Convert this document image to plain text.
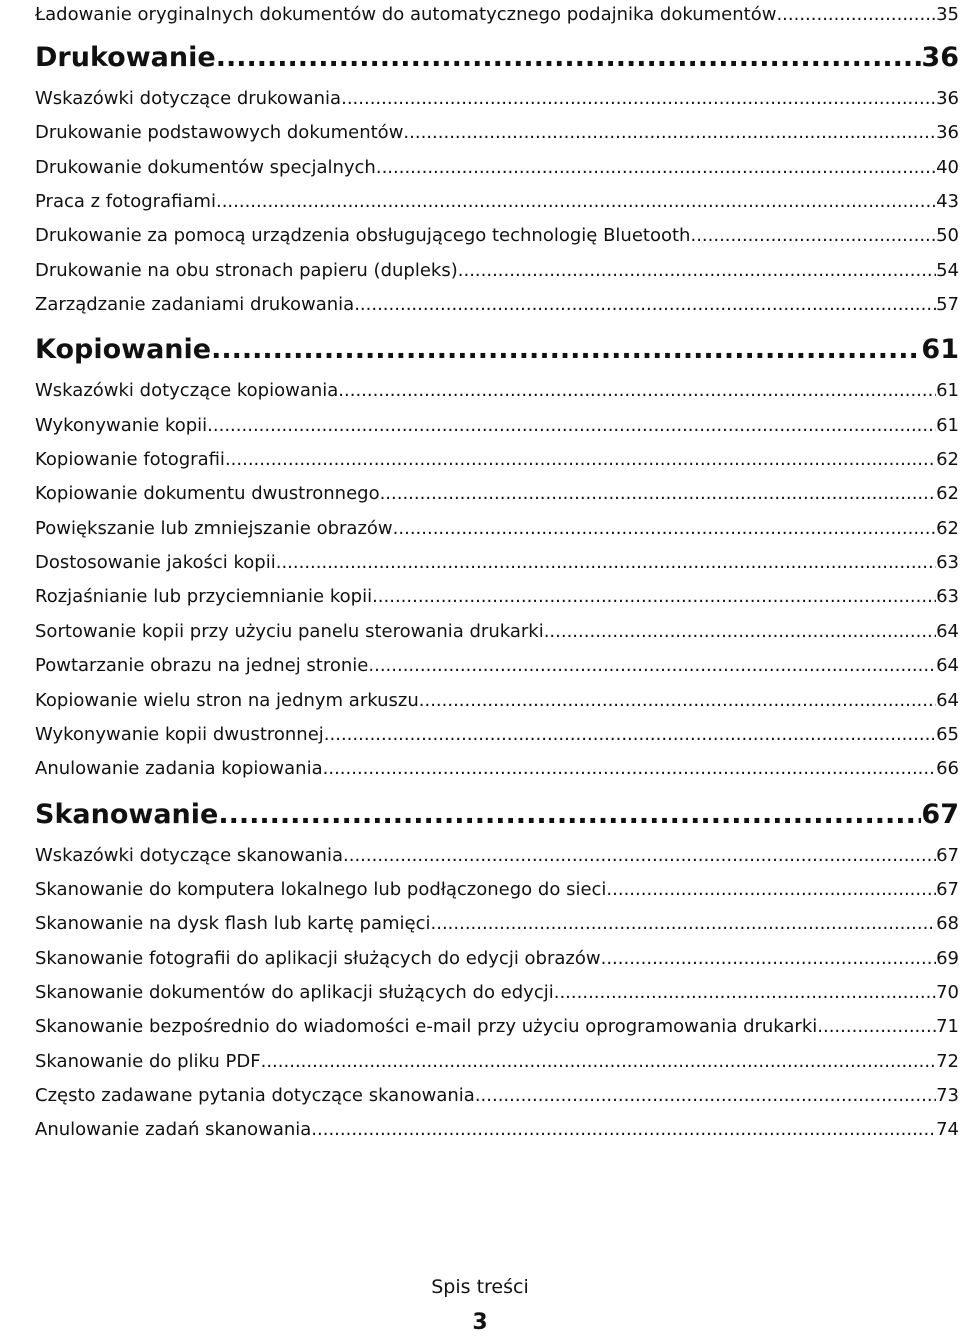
Ładowanie oryginalnych dokumentów do automatycznego podajnika dokumentów .....	35
Drukowanie .....	36
Wskazówki dotyczące drukowania .....	36
Drukowanie podstawowych dokumentów .....	36
Drukowanie dokumentów specjalnych .....	40
Praca z fotografiami .....	43
Drukowanie za pomocą urządzenia obsługującego technologię Bluetooth .....	50
Drukowanie na obu stronach papieru (dupleks) .....	54
Zarządzanie zadaniami drukowania .....	57
Kopiowanie .....	61
Wskazówki dotyczące kopiowania .....	61
Wykonywanie kopii .....	61
Kopiowanie fotografii .....	62
Kopiowanie dokumentu dwustronnego .....	62
Powiększanie lub zmniejszanie obrazów .....	62
Dostosowanie jakości kopii .....	63
Rozjaśnianie lub przyciemnianie kopii .....	63
Sortowanie kopii przy użyciu panelu sterowania drukarki .....	64
Powtarzanie obrazu na jednej stronie .....	64
Kopiowanie wielu stron na jednym arkuszu .....	64
Wykonywanie kopii dwustronnej .....	65
Anulowanie zadania kopiowania .....	66
Skanowanie .....	67
Wskazówki dotyczące skanowania .....	67
Skanowanie do komputera lokalnego lub podłączonego do sieci .....	67
Skanowanie na dysk flash lub kartę pamięci .....	68
Skanowanie fotografii do aplikacji służących do edycji obrazów .....	69
Skanowanie dokumentów do aplikacji służących do edycji .....	70
Skanowanie bezpośrednio do wiadomości e-mail przy użyciu oprogramowania drukarki .....	71
Skanowanie do pliku PDF .....	72
Często zadawane pytania dotyczące skanowania .....	73
Anulowanie zadań skanowania .....	74
Spis treści
3
